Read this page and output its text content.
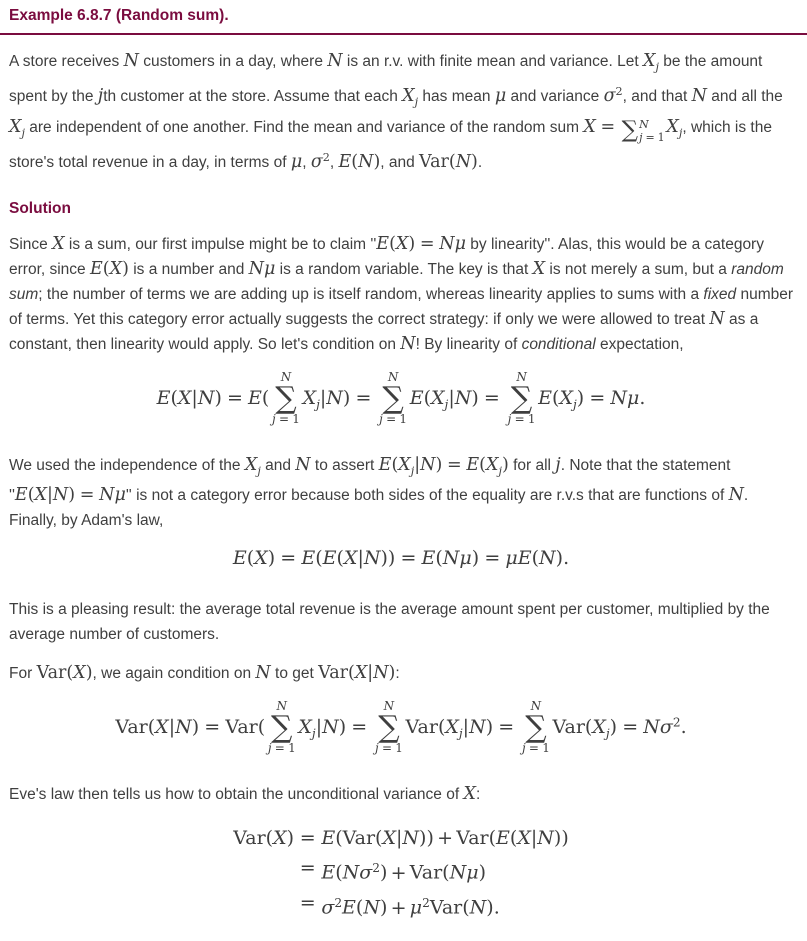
Example 6.8.7 (Random sum).

A store receives N customers in a day, where N is an r.v. with finite mean and variance. Let $X_j$ be the amount spent by the jth customer at the store. Assume that each $X_j$ has mean μ and variance $\sigma^2$, and that N and all the $X_j$ are independent of one another. Find the mean and variance of the random sum X = ∑ N
j = 1
$X_j$, which is the store's total revenue in a day, in terms of μ, $\sigma^2$, E(N), and Var(N).

Solution

Since X is a sum, our first impulse might be to claim ''E(X) = Nμ by linearity''. Alas, this would be a category error, since E(X) is a number and Nμ is a random variable. The key is that X is not merely a sum, but a random sum; the number of terms we are adding up is itself random, whereas linearity applies to sums with a fixed number of terms. Yet this category error actually suggests the correct strategy: if only we were allowed to treat N as a constant, then linearity would apply. So let's condition on N! By linearity of conditional expectation,

E(X|N) = E(
N
∑
j = 1
$X_j|N$) =
N
∑
j = 1
$E(X_j|N)$ =
N
∑
j = 1
$E(X_j) = N\mu$.

We used the independence of the $X_j$ and N to assert $E(X_j|N) = E(X_j)$ for all j. Note that the statement ''E(X|N) = Nμ'' is not a category error because both sides of the equality are r.v.s that are functions of N. Finally, by Adam's law,

E(X) = E(E(X|N)) = E(Nμ) = μE(N).

This is a pleasing result: the average total revenue is the average amount spent per customer, multiplied by the average number of customers.

For Var(X), we again condition on N to get Var(X|N):

Var(X|N) = Var(
N
∑
j = 1
$X_j|N$) =
N
∑
j = 1
$Var(X_j|N)$ =
N
∑
j = 1
$Var(X_j) = N\sigma^2$.

Eve's law then tells us how to obtain the unconditional variance of X:

Var(X) = E(Var(X|N)) + Var(E(X|N))
= $E(N\sigma^2) + Var(N\mu)$
= $\sigma^2E(N) + \mu^2Var(N)$.
